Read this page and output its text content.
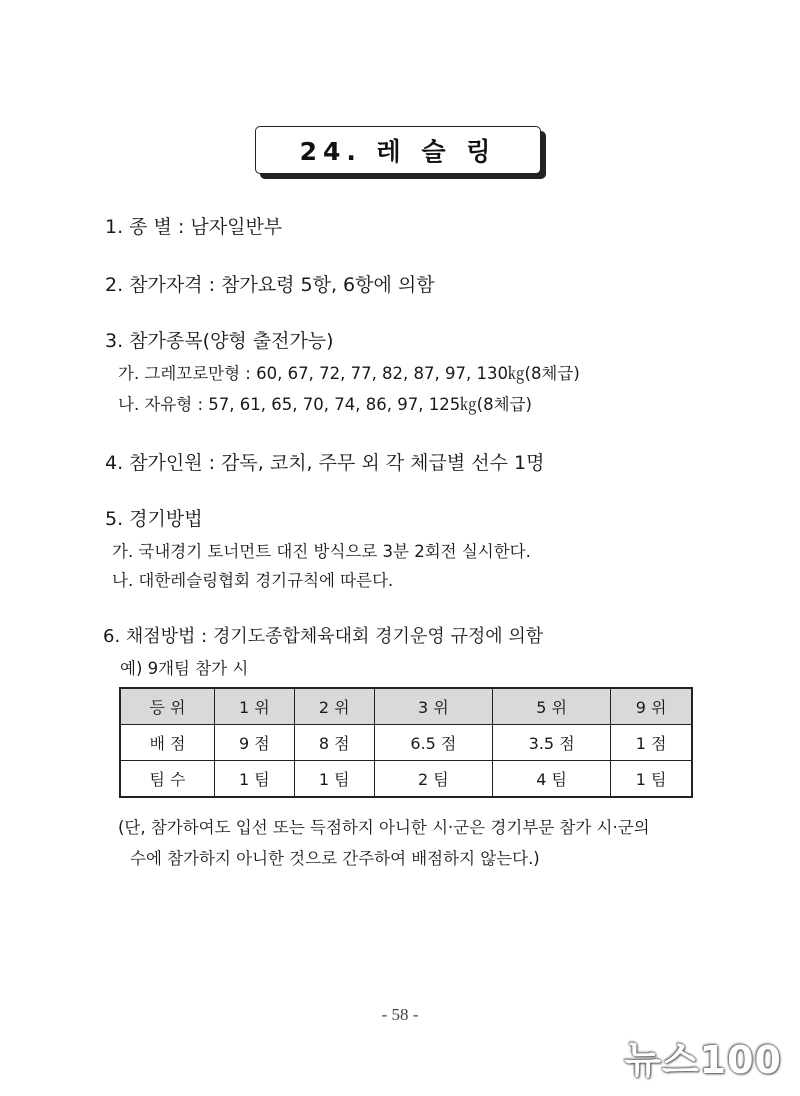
24. 레 슬 링
1. 종 별 : 남자일반부
2. 참가자격 : 참가요령 5항, 6항에 의함
3. 참가종목(양형 출전가능)
가. 그레꼬로만형 : 60, 67, 72, 77, 82, 87, 97, 130㎏(8체급)
나. 자유형 : 57, 61, 65, 70, 74, 86, 97, 125㎏(8체급)
4. 참가인원 : 감독, 코치, 주무 외 각 체급별 선수 1명
5. 경기방법
가. 국내경기 토너먼트 대진 방식으로 3분 2회전 실시한다.
나. 대한레슬링협회 경기규칙에 따른다.
6. 채점방법 : 경기도종합체육대회 경기운영 규정에 의함
예) 9개팀 참가 시
등 위	1 위	2 위	3 위	5 위	9 위
배 점	9 점	8 점	6.5 점	3.5 점	1 점
팀 수	1 팀	1 팀	2 팀	4 팀	1 팀
(단, 참가하여도 입선 또는 득점하지 아니한 시·군은 경기부문 참가 시·군의
수에 참가하지 아니한 것으로 간주하여 배점하지 않는다.)
- 58 -
뉴스100
